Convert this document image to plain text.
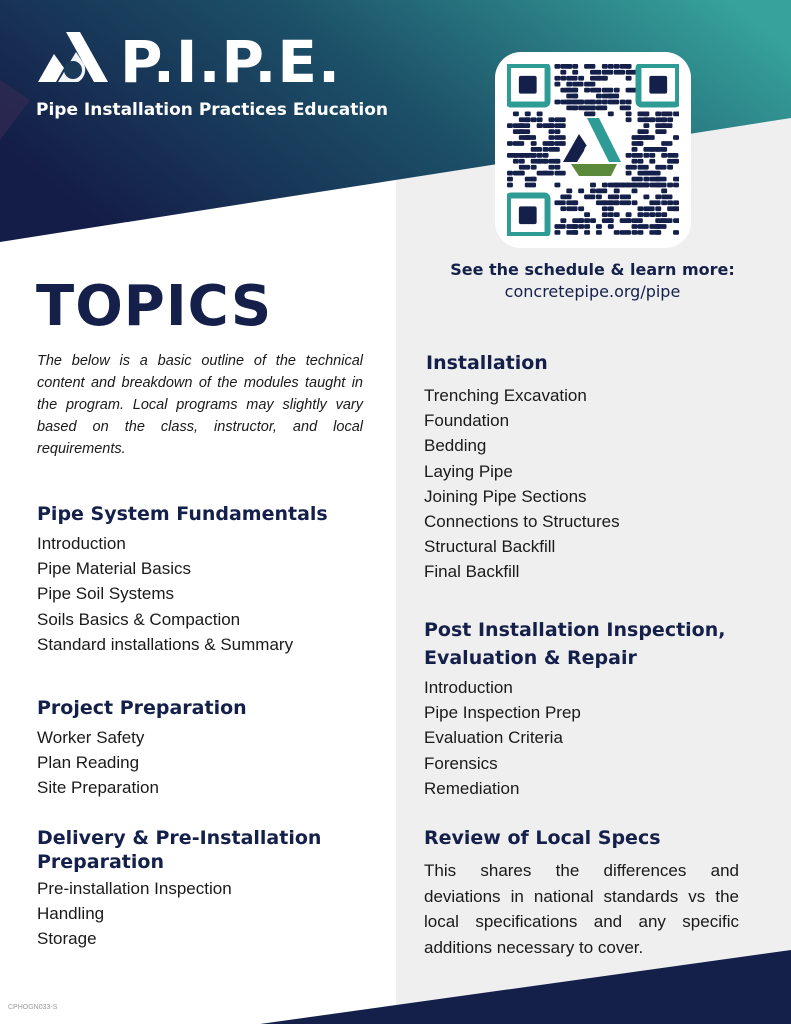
P.I.P.E.
Pipe Installation Practices Education
See the schedule & learn more:
concretepipe.org/pipe
TOPICS
The below is a basic outline of the technical content and breakdown of the modules taught in the program. Local programs may slightly vary based on the class, instructor, and local requirements.
Pipe System Fundamentals
Introduction
Pipe Material Basics
Pipe Soil Systems
Soils Basics & Compaction
Standard installations & Summary
Project Preparation
Worker Safety
Plan Reading
Site Preparation
Delivery & Pre-Installation
Preparation
Pre-installation Inspection
Handling
Storage
Installation
Trenching Excavation
Foundation
Bedding
Laying Pipe
Joining Pipe Sections
Connections to Structures
Structural Backfill
Final Backfill
Post Installation Inspection,
Evaluation & Repair
Introduction
Pipe Inspection Prep
Evaluation Criteria
Forensics
Remediation
Review of Local Specs
This shares the differences and deviations in national standards vs the local specifications and any specific additions necessary to cover.
CPHOGN033-S
